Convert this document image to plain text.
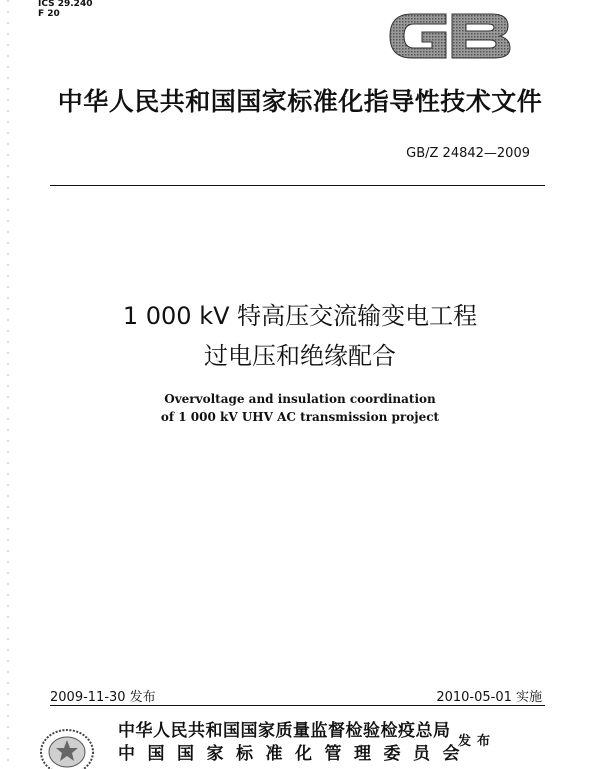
ICS 29.240
F 20
中华人民共和国国家标准化指导性技术文件
GB/Z 24842—2009
1 000 kV 特高压交流输变电工程
过电压和绝缘配合
Overvoltage and insulation coordination
of 1 000 kV UHV AC transmission project
2009-11-30 发布	2010-05-01 实施
中华人民共和国国家质量监督检验检疫总局
中国国家标准化管理委员会
发布
